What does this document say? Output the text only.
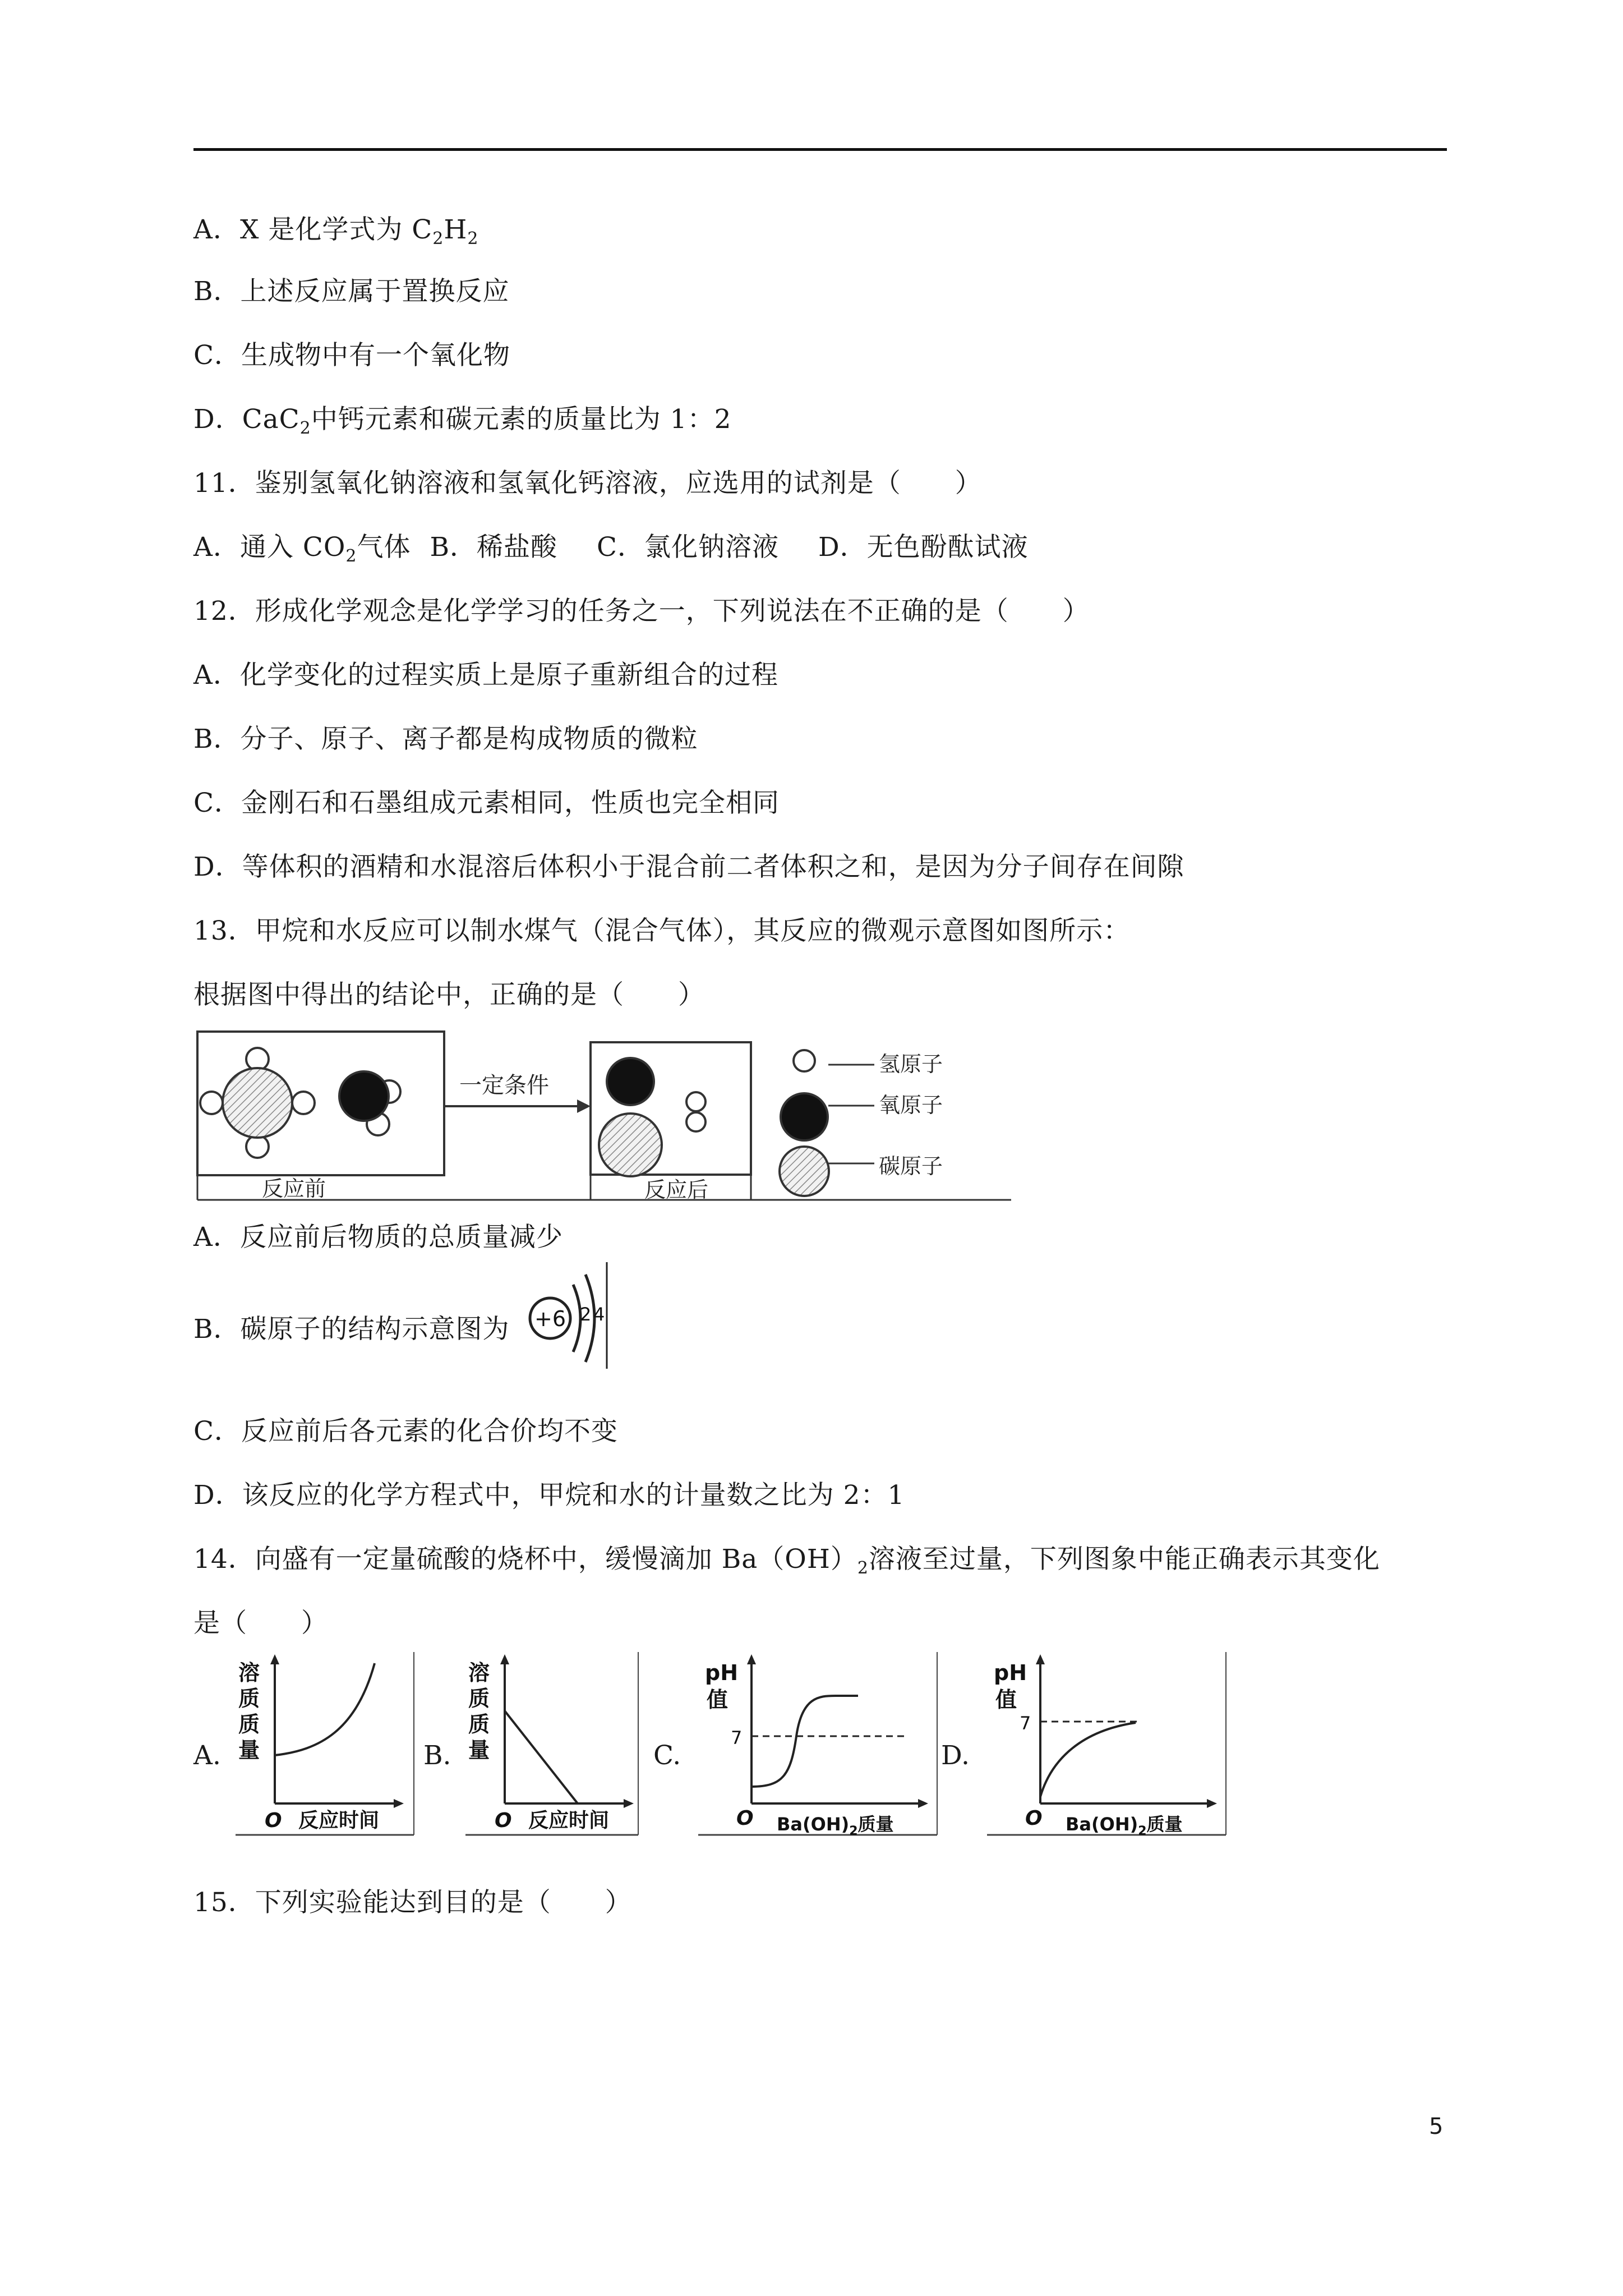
A．X 是化学式为 $C_2H_2$
B．上述反应属于置换反应
C．生成物中有一个氧化物
D．CaC$_2$中钙元素和碳元素的质量比为 1：2
11．鉴别氢氧化钠溶液和氢氧化钙溶液，应选用的试剂是（　　）
A．通入 $CO_2$气体 B．稀盐酸 C．氯化钠溶液 D．无色酚酞试液
12．形成化学观念是化学学习的任务之一，下列说法在不正确的是（　　）
A．化学变化的过程实质上是原子重新组合的过程
B．分子、原子、离子都是构成物质的微粒
C．金刚石和石墨组成元素相同，性质也完全相同
D．等体积的酒精和水混溶后体积小于混合前二者体积之和，是因为分子间存在间隙
13．甲烷和水反应可以制水煤气（混合气体），其反应的微观示意图如图所示：
根据图中得出的结论中，正确的是（　　）
一定条件
氢原子
氧原子
碳原子
反应前	反应后
A．反应前后物质的总质量减少
B．碳原子的结构示意图为 +6 2 4
C．反应前后各元素的化合价均不变
D．该反应的化学方程式中，甲烷和水的计量数之比为 2：1
14．向盛有一定量硫酸的烧杯中，缓慢滴加 $Ba(OH)_2$溶液至过量，下列图象中能正确表示其变化
是（　　）
A.	B.	C.	D.
溶
质
质
量
O 反应时间
溶
质
质
量
O 反应时间
pH
值
7
O $Ba(OH)_2$质量
pH
值
7
O $Ba(OH)_2$质量
15．下列实验能达到目的是（　　）
5
